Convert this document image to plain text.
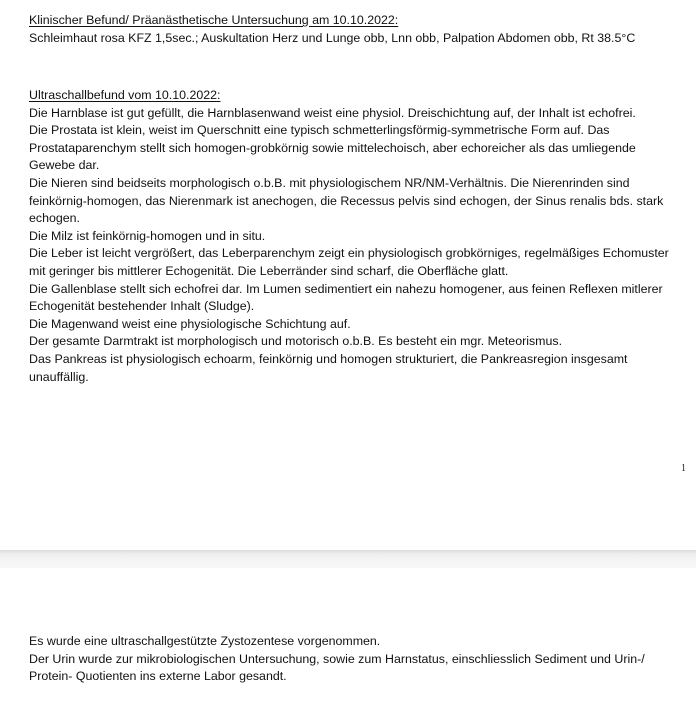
Klinischer Befund/ Präanästhetische Untersuchung am 10.10.2022:

Schleimhaut rosa KFZ 1,5sec.; Auskultation Herz und Lunge obb, Lnn obb, Palpation Abdomen obb, Rt 38.5°C

Ultraschallbefund vom 10.10.2022:

Die Harnblase ist gut gefüllt, die Harnblasenwand weist eine physiol. Dreischichtung auf, der Inhalt ist echofrei.

Die Prostata ist klein, weist im Querschnitt eine typisch schmetterlingsförmig-symmetrische Form auf. Das Prostataparenchym stellt sich homogen-grobkörnig sowie mittelechoisch, aber echoreicher als das umliegende Gewebe dar.

Die Nieren sind beidseits morphologisch o.b.B. mit physiologischem NR/NM-Verhältnis. Die Nierenrinden sind feinkörnig-homogen, das Nierenmark ist anechogen, die Recessus pelvis sind echogen, der Sinus renalis bds. stark echogen.

Die Milz ist feinkörnig-homogen und in situ.

Die Leber ist leicht vergrößert, das Leberparenchym zeigt ein physiologisch grobkörniges, regelmäßiges Echomuster mit geringer bis mittlerer Echogenität. Die Leberränder sind scharf, die Oberfläche glatt.

Die Gallenblase stellt sich echofrei dar. Im Lumen sedimentiert ein nahezu homogener, aus feinen Reflexen mitlerer Echogenität bestehender Inhalt (Sludge).

Die Magenwand weist eine physiologische Schichtung auf.

Der gesamte Darmtrakt ist morphologisch und motorisch o.b.B. Es besteht ein mgr. Meteorismus.

Das Pankreas ist physiologisch echoarm, feinkörnig und homogen strukturiert, die Pankreasregion insgesamt unauffällig.

1

Es wurde eine ultraschallgestützte Zystozentese vorgenommen.

Der Urin wurde zur mikrobiologischen Untersuchung, sowie zum Harnstatus, einschliesslich Sediment und Urin-/ Protein- Quotienten ins externe Labor gesandt.
